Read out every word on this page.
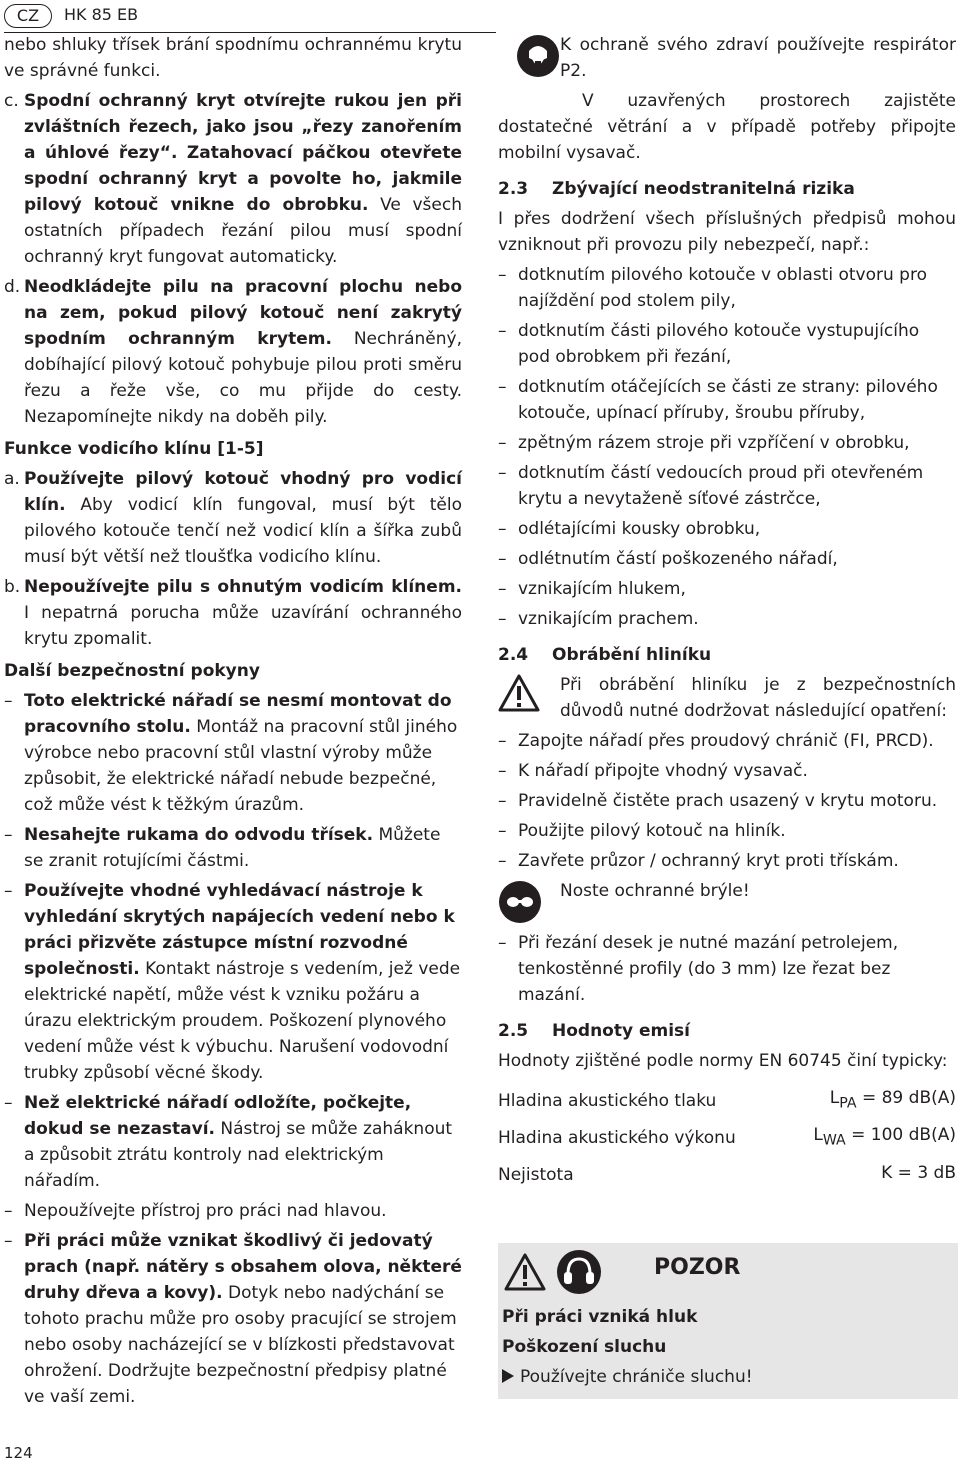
CZ	HK 85 EB

nebo shluky třísek brání spodnímu ochrannému krytu ve správné funkci.

c. Spodní ochranný kryt otvírejte rukou jen při zvláštních řezech, jako jsou „řezy zanořením a úhlové řezy“. Zatahovací páčkou otevřete spodní ochranný kryt a povolte ho, jakmile pilový kotouč vnikne do obrobku. Ve všech ostatních případech řezání pilou musí spodní ochranný kryt fungovat automaticky.

d. Neodkládejte pilu na pracovní plochu nebo na zem, pokud pilový kotouč není zakrytý spodním ochranným krytem. Nechráněný, dobíhající pilový kotouč pohybuje pilou proti směru řezu a řeže vše, co mu přijde do cesty. Nezapomínejte nikdy na doběh pily.

Funkce vodicího klínu [1-5]

a. Používejte pilový kotouč vhodný pro vodicí klín. Aby vodicí klín fungoval, musí být tělo pilového kotouče tenčí než vodicí klín a šířka zubů musí být větší než tloušťka vodicího klínu.

b. Nepoužívejte pilu s ohnutým vodicím klínem. I nepatrná porucha může uzavírání ochranného krytu zpomalit.

Další bezpečnostní pokyny
– Toto elektrické nářadí se nesmí montovat do pracovního stolu. Montáž na pracovní stůl jiného výrobce nebo pracovní stůl vlastní výroby může způsobit, že elektrické nářadí nebude bezpečné, což může vést k těžkým úrazům.
– Nesahejte rukama do odvodu třísek. Můžete se zranit rotujícími částmi.
– Používejte vhodné vyhledávací nástroje k vyhledání skrytých napájecích vedení nebo k práci přizvěte zástupce místní rozvodné společnosti. Kontakt nástroje s vedením, jež vede elektrické napětí, může vést k vzniku požáru a úrazu elektrickým proudem. Poškození plynového vedení může vést k výbuchu. Narušení vodovodní trubky způsobí věcné škody.
– Než elektrické nářadí odložíte, počkejte, dokud se nezastaví. Nástroj se může zaháknout a způsobit ztrátu kontroly nad elektrickým nářadím.
– Nepoužívejte přístroj pro práci nad hlavou.
– Při práci může vznikat škodlivý či jedovatý prach (např. nátěry s obsahem olova, některé druhy dřeva a kovy). Dotyk nebo nadýchání se tohoto prachu může pro osoby pracující se strojem nebo osoby nacházející se v blízkosti představovat ohrožení. Dodržujte bezpečnostní předpisy platné ve vaší zemi.

K ochraně svého zdraví používejte respirátor P2.

V uzavřených prostorech zajistěte dostatečné větrání a v případě potřeby připojte mobilní vysavač.

2.3 Zbývající neodstranitelná rizika

I přes dodržení všech příslušných předpisů mohou vzniknout při provozu pily nebezpečí, např.:

– dotknutím pilového kotouče v oblasti otvoru pro najíždění pod stolem pily,
– dotknutím části pilového kotouče vystupujícího pod obrobkem při řezání,
– dotknutím otáčejících se části ze strany: pilového kotouče, upínací příruby, šroubu příruby,
– zpětným rázem stroje při vzpříčení v obrobku,
– dotknutím částí vedoucích proud při otevřeném krytu a nevytaženě síťové zástrčce,
– odlétajícími kousky obrobku,
– odlétnutím částí poškozeného nářadí,
– vznikajícím hlukem,
– vznikajícím prachem.
2.4 Obrábění hliníku

Při obrábění hliníku je z bezpečnostních důvodů nutné dodržovat následující opatření:

– Zapojte nářadí přes proudový chránič (FI, PRCD).
– K nářadí připojte vhodný vysavač.
– Pravidelně čistěte prach usazený v krytu motoru.
– Použijte pilový kotouč na hliník.
– Zavřete průzor / ochranný kryt proti třískám.

Noste ochranné brýle!

– Při řezání desek je nutné mazání petrolejem, tenkostěnné profily (do 3 mm) lze řezat bez mazání.
2.5 Hodnoty emisí

Hodnoty zjištěné podle normy EN 60745 činí typicky:

Hladina akustického tlaku	$L_{PA} = 89$ dB(A)
Hladina akustického výkonu	$L_{WA} = 100$ dB(A)
Nejistota	K = 3 dB
POZOR
Při práci vzniká hluk
Poškození sluchu
Používejte chrániče sluchu!
124
